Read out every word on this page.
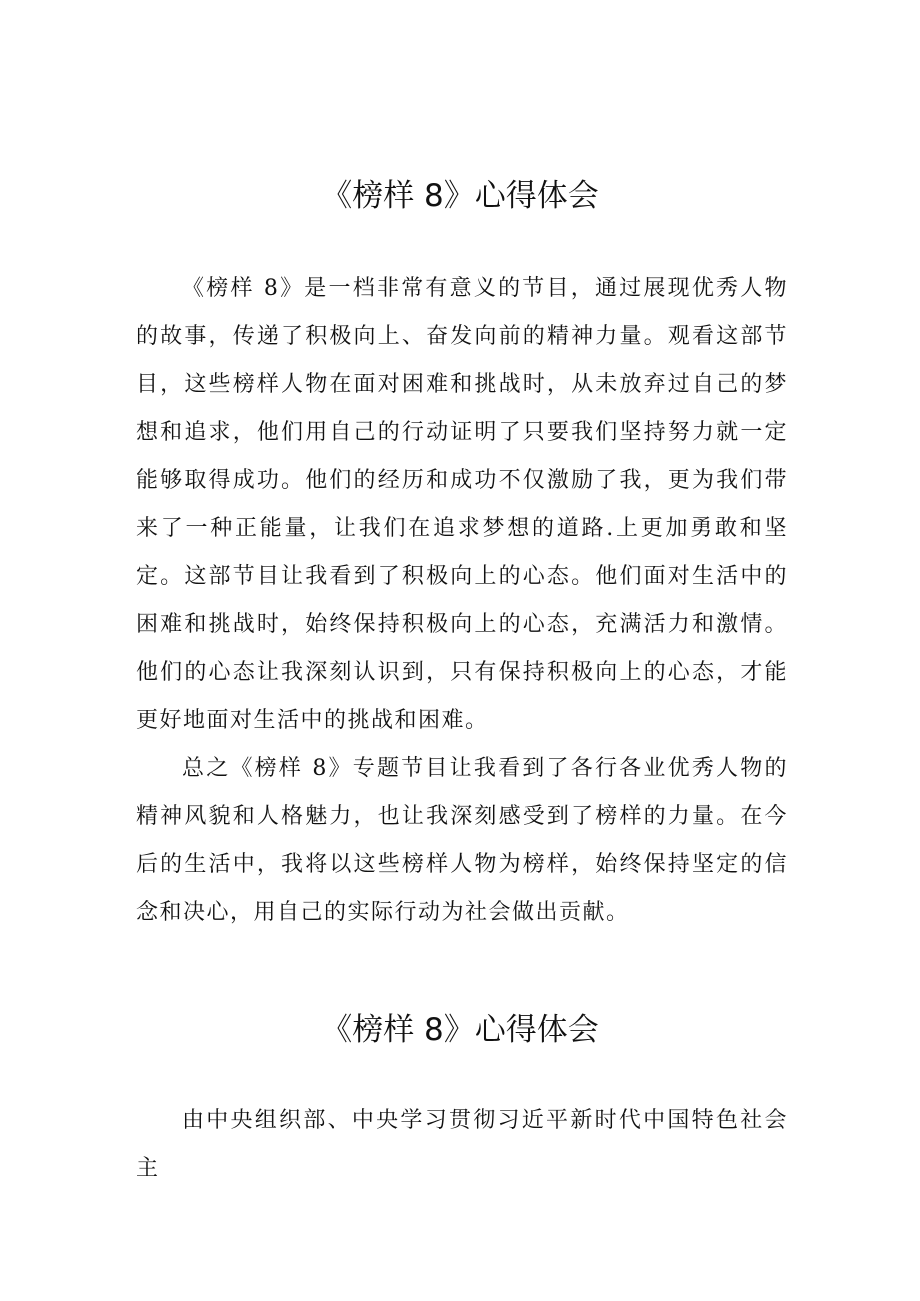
《榜样 8》心得体会

《榜样 8》是一档非常有意义的节目，通过展现优秀人物的故事，传递了积极向上、奋发向前的精神力量。观看这部节目，这些榜样人物在面对困难和挑战时，从未放弃过自己的梦想和追求，他们用自己的行动证明了只要我们坚持努力就一定能够取得成功。他们的经历和成功不仅激励了我，更为我们带来了一种正能量，让我们在追求梦想的道路.上更加勇敢和坚定。这部节目让我看到了积极向上的心态。他们面对生活中的困难和挑战时，始终保持积极向上的心态，充满活力和激情。他们的心态让我深刻认识到，只有保持积极向上的心态，才能更好地面对生活中的挑战和困难。

总之《榜样 8》专题节目让我看到了各行各业优秀人物的精神风貌和人格魅力，也让我深刻感受到了榜样的力量。在今后的生活中，我将以这些榜样人物为榜样，始终保持坚定的信念和决心，用自己的实际行动为社会做出贡献。

《榜样 8》心得体会

由中央组织部、中央学习贯彻习近平新时代中国特色社会主
